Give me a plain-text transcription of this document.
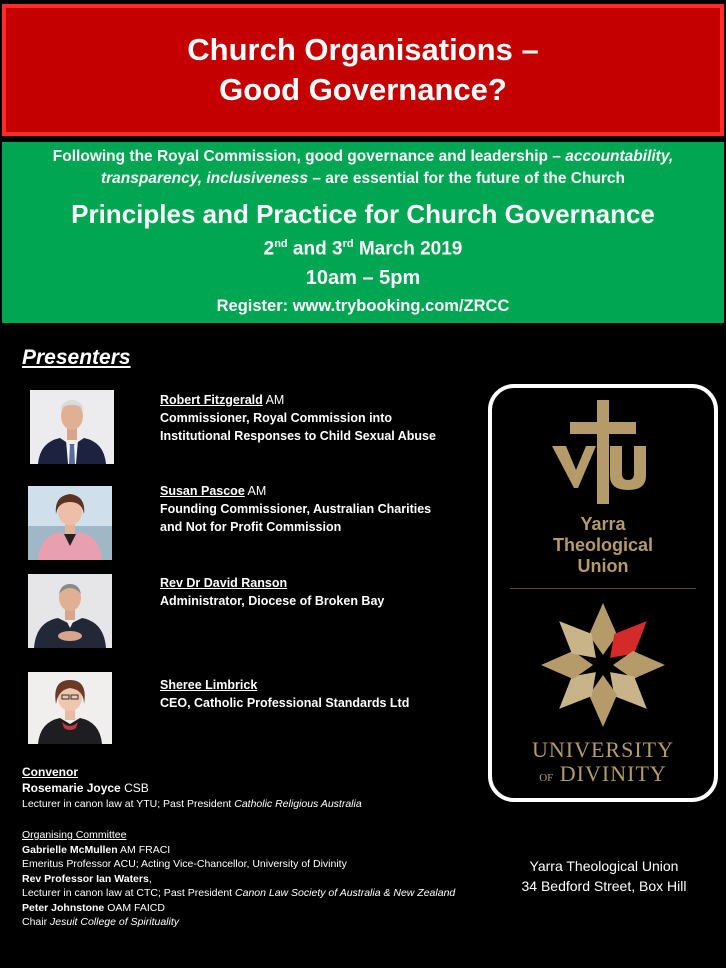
Church Organisations –
Good Governance?
Following the Royal Commission, good governance and leadership – accountability, transparency, inclusiveness – are essential for the future of the Church
Principles and Practice for Church Governance
2nd and 3rd March 2019
10am – 5pm
Register: www.trybooking.com/ZRCC
Presenters
Robert Fitzgerald AM
Commissioner, Royal Commission into
Institutional Responses to Child Sexual Abuse
Susan Pascoe AM
Founding Commissioner, Australian Charities
and Not for Profit Commission
Rev Dr David Ranson
Administrator, Diocese of Broken Bay
Sheree Limbrick
CEO, Catholic Professional Standards Ltd
Yarra
Theological
Union
UNIVERSITY
OF DIVINITY
Convenor
Rosemarie Joyce CSB
Lecturer in canon law at YTU; Past President Catholic Religious Australia
Organising Committee
Gabrielle McMullen AM FRACI
Emeritus Professor ACU; Acting Vice-Chancellor, University of Divinity
Rev Professor Ian Waters,
Lecturer in canon law at CTC; Past President Canon Law Society of Australia & New Zealand
Peter Johnstone OAM FAICD
Chair Jesuit College of Spirituality
Yarra Theological Union
34 Bedford Street, Box Hill
